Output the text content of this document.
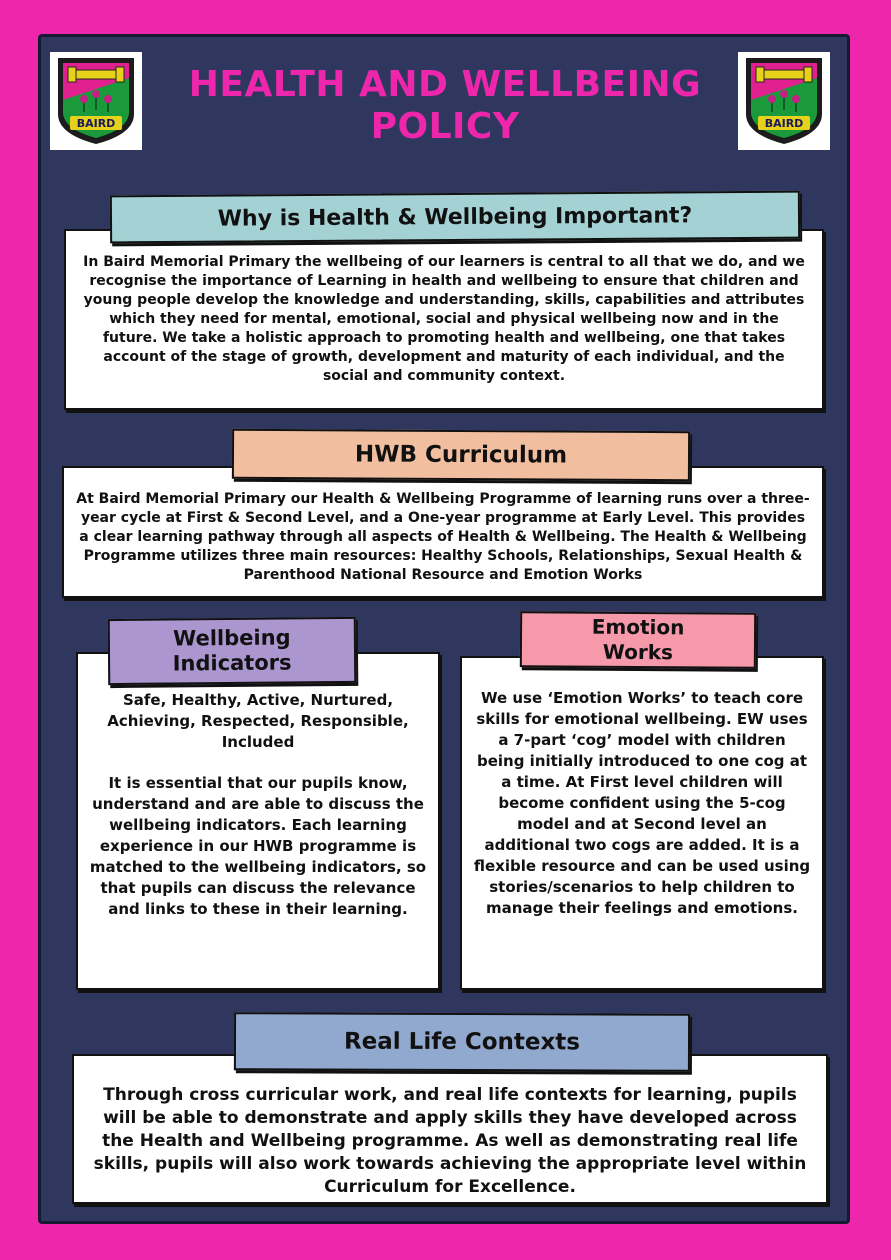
BAIRD
HEALTH AND WELLBEING POLICY	BAIRD

In Baird Memorial Primary the wellbeing of our learners is central to all that we do, and we recognise the importance of Learning in health and wellbeing to ensure that children and young people develop the knowledge and understanding, skills, capabilities and attributes which they need for mental, emotional, social and physical wellbeing now and in the future. We take a holistic approach to promoting health and wellbeing, one that takes account of the stage of growth, development and maturity of each individual, and the social and community context.

Why is Health & Wellbeing Important?

At Baird Memorial Primary our Health & Wellbeing Programme of learning runs over a three-year cycle at First & Second Level, and a One-year programme at Early Level. This provides a clear learning pathway through all aspects of Health & Wellbeing. The Health & Wellbeing Programme utilizes three main resources: Healthy Schools, Relationships, Sexual Health & Parenthood National Resource and Emotion Works

HWB Curriculum

Safe, Healthy, Active, Nurtured, Achieving, Respected, Responsible, Included

It is essential that our pupils know, understand and are able to discuss the wellbeing indicators. Each learning experience in our HWB programme is matched to the wellbeing indicators, so that pupils can discuss the relevance and links to these in their learning.

Wellbeing Indicators

We use ‘Emotion Works’ to teach core skills for emotional wellbeing. EW uses a 7-part ‘cog’ model with children being initially introduced to one cog at a time. At First level children will become confident using the 5-cog model and at Second level an additional two cogs are added. It is a flexible resource and can be used using stories/scenarios to help children to manage their feelings and emotions.

Emotion Works

Through cross curricular work, and real life contexts for learning, pupils will be able to demonstrate and apply skills they have developed across the Health and Wellbeing programme. As well as demonstrating real life skills, pupils will also work towards achieving the appropriate level within Curriculum for Excellence.

Real Life Contexts
